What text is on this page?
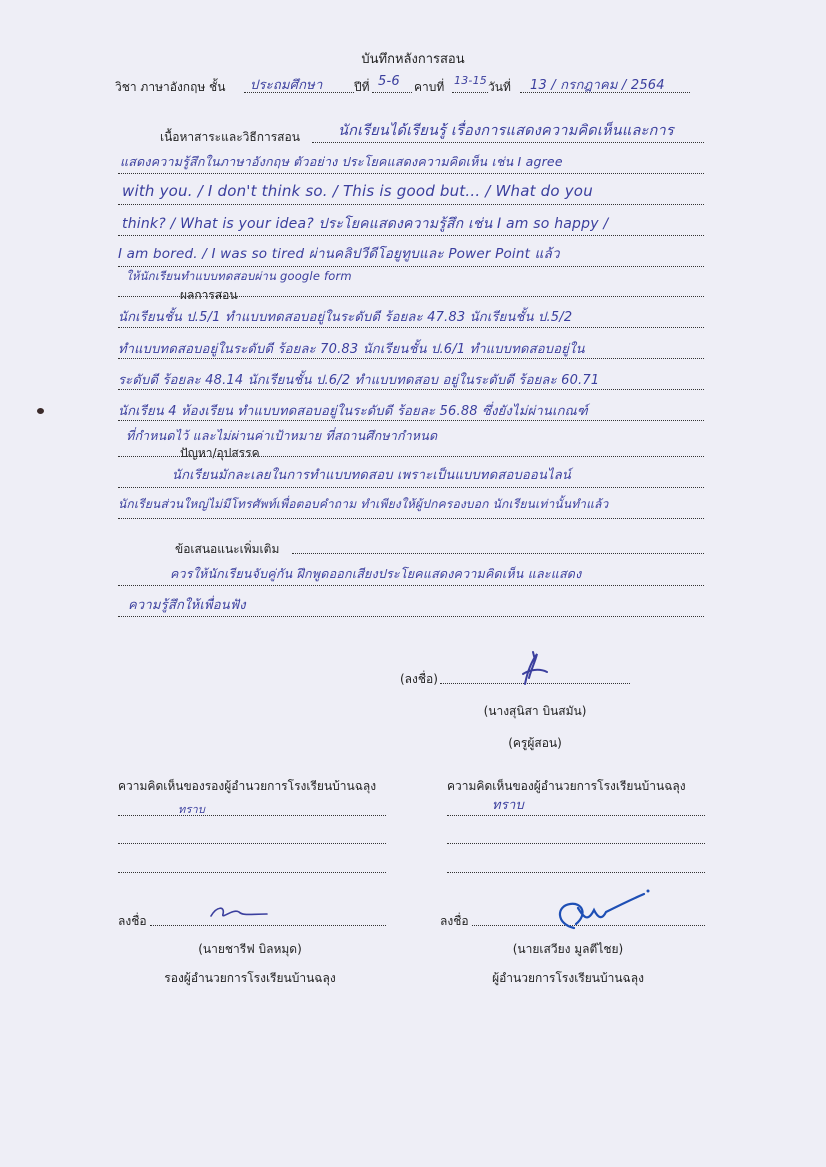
บันทึกหลังการสอน
วิชา ภาษาอังกฤษ ชั้น ประถมศึกษา	ปีที่ 5-6 คาบที่ 13-15 วันที่ 13 / กรกฎาคม / 2564
เนื้อหาสาระและวิธีการสอน	นักเรียนได้เรียนรู้ เรื่องการแสดงความคิดเห็นและการ
แสดงความรู้สึกในภาษาอังกฤษ ตัวอย่าง ประโยคแสดงความคิดเห็น เช่น I agree
with you. / I don't think so. / This is good but... / What do you
think? / What is your idea? ประโยคแสดงความรู้สึก เช่น I am so happy /
I am bored. / I was so tired ผ่านคลิปวีดีโอยูทูบและ Power Point แล้ว
ให้นักเรียนทำแบบทดสอบผ่าน google form
ผลการสอน
นักเรียนชั้น ป.5/1 ทำแบบทดสอบอยู่ในระดับดี ร้อยละ 47.83 นักเรียนชั้น ป.5/2
ทำแบบทดสอบอยู่ในระดับดี ร้อยละ 70.83 นักเรียนชั้น ป.6/1 ทำแบบทดสอบอยู่ใน
ระดับดี ร้อยละ 48.14 นักเรียนชั้น ป.6/2 ทำแบบทดสอบ อยู่ในระดับดี ร้อยละ 60.71
นักเรียน 4 ห้องเรียน ทำแบบทดสอบอยู่ในระดับดี ร้อยละ 56.88 ซึ่งยังไม่ผ่านเกณฑ์
ที่กำหนดไว้ และไม่ผ่านค่าเป้าหมาย ที่สถานศึกษากำหนด
ปัญหา/อุปสรรค
นักเรียนมักละเลยในการทำแบบทดสอบ เพราะเป็นแบบทดสอบออนไลน์
นักเรียนส่วนใหญ่ไม่มีโทรศัพท์เพื่อตอบคำถาม ทำเพียงให้ผู้ปกครองบอก นักเรียนเท่านั้นทำแล้ว
ข้อเสนอแนะเพิ่มเติม
ควรให้นักเรียนจับคู่กัน ฝึกพูดออกเสียงประโยคแสดงความคิดเห็น และแสดง
ความรู้สึกให้เพื่อนฟัง
(ลงชื่อ)
(นางสุนิสา บินสมัน)
(ครูผู้สอน)
ความคิดเห็นของรองผู้อำนวยการโรงเรียนบ้านฉลุง
ทราบ
ลงชื่อ
(นายชารีฟ บิลหมุด)
รองผู้อำนวยการโรงเรียนบ้านฉลุง
ความคิดเห็นของผู้อำนวยการโรงเรียนบ้านฉลุง
ทราบ
ลงชื่อ
(นายเสวียง มูลตีไชย)
ผู้อำนวยการโรงเรียนบ้านฉลุง
